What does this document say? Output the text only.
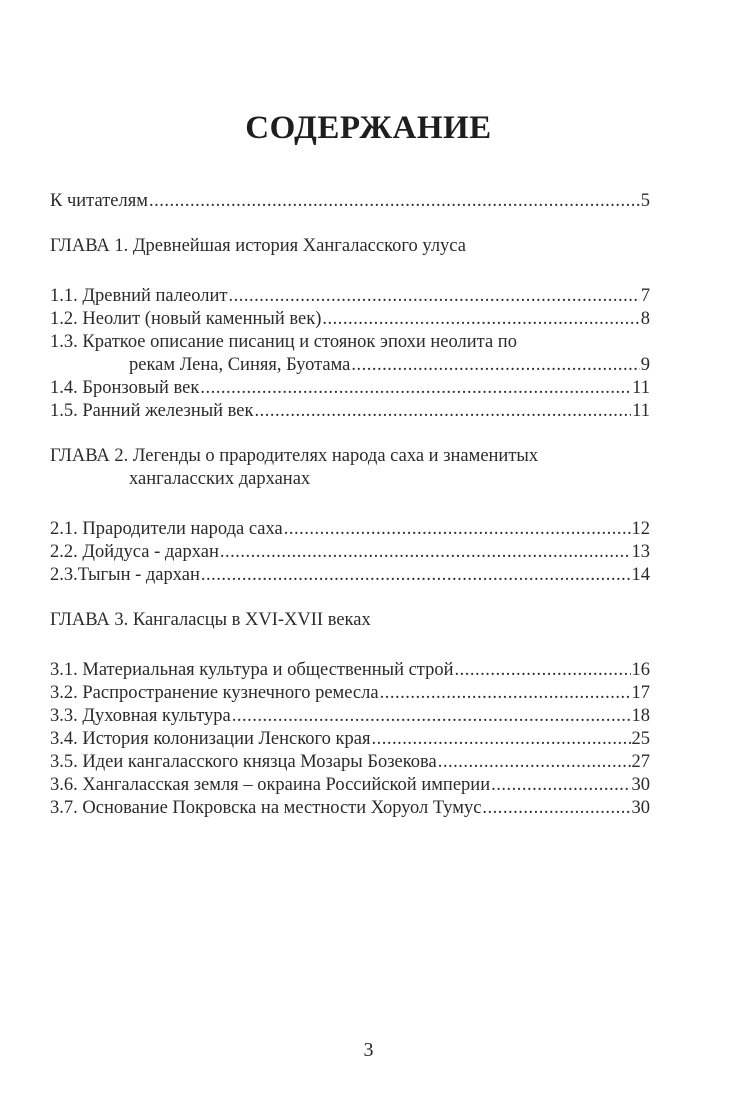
СОДЕРЖАНИЕ
К читателям .....	5
ГЛАВА 1. Древнейшая история Хангаласского улуса
1.1. Древний палеолит .....	7
1.2. Неолит (новый каменный век) .....	8
1.3. Краткое описание писаниц и стоянок эпохи неолита по
рекам Лена, Синяя, Буотама .....	9
1.4. Бронзовый век .....	11
1.5. Ранний железный век .....	11
ГЛАВА 2. Легенды о прародителях народа саха и знаменитых
хангаласских дарханах
2.1. Прародители народа саха .....	12
2.2. Дойдуса - дархан .....	13
2.3.Тыгын - дархан .....	14
ГЛАВА 3. Кангаласцы в XVI-XVII веках
3.1. Материальная культура и общественный строй .....	16
3.2. Распространение кузнечного ремесла .....	17
3.3. Духовная культура .....	18
3.4. История колонизации Ленского края .....	25
3.5. Идеи кангаласского князца Мозары Бозекова .....	27
3.6. Хангаласская земля – окраина Российской империи .....	30
3.7. Основание Покровска на местности Хоруол Тумус .....	30
3
